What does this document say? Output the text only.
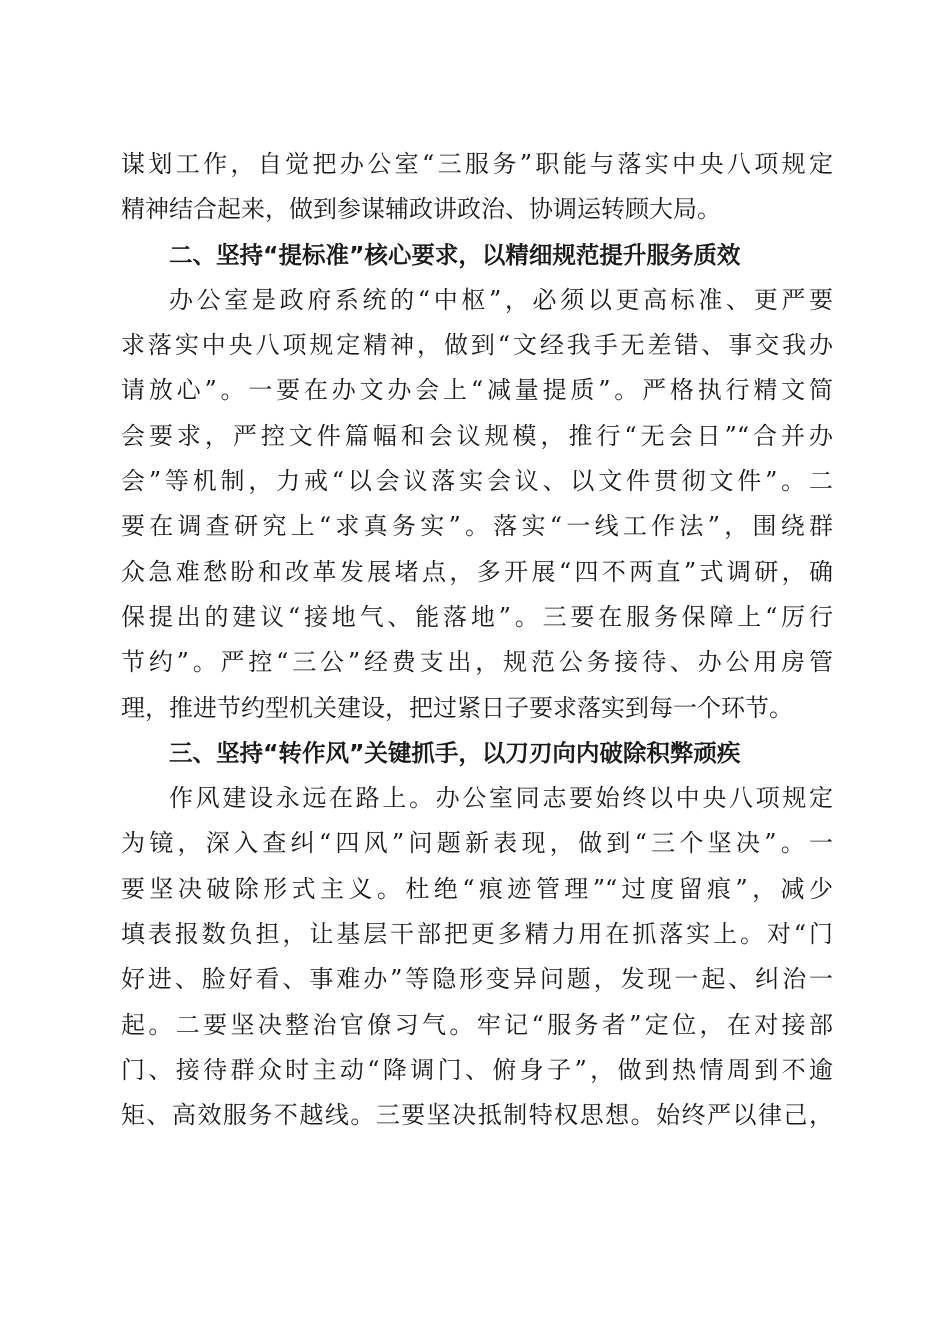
谋划工作，自觉把办公室“三服务”职能与落实中央八项规定
精神结合起来，做到参谋辅政讲政治、协调运转顾大局。
二、坚持“提标准”核心要求，以精细规范提升服务质效
办公室是政府系统的“中枢”，必须以更高标准、更严要
求落实中央八项规定精神，做到“文经我手无差错、事交我办
请放心”。一要在办文办会上“减量提质”。严格执行精文简
会要求，严控文件篇幅和会议规模，推行“无会日”“合并办
会”等机制，力戒“以会议落实会议、以文件贯彻文件”。二
要在调查研究上“求真务实”。落实“一线工作法”，围绕群
众急难愁盼和改革发展堵点，多开展“四不两直”式调研，确
保提出的建议“接地气、能落地”。三要在服务保障上“厉行
节约”。严控“三公”经费支出，规范公务接待、办公用房管
理，推进节约型机关建设，把过紧日子要求落实到每一个环节。
三、坚持“转作风”关键抓手，以刀刃向内破除积弊顽疾
作风建设永远在路上。办公室同志要始终以中央八项规定
为镜，深入查纠“四风”问题新表现，做到“三个坚决”。一
要坚决破除形式主义。杜绝“痕迹管理”“过度留痕”，减少
填表报数负担，让基层干部把更多精力用在抓落实上。对“门
好进、脸好看、事难办”等隐形变异问题，发现一起、纠治一
起。二要坚决整治官僚习气。牢记“服务者”定位，在对接部
门、接待群众时主动“降调门、俯身子”，做到热情周到不逾
矩、高效服务不越线。三要坚决抵制特权思想。始终严以律己，
